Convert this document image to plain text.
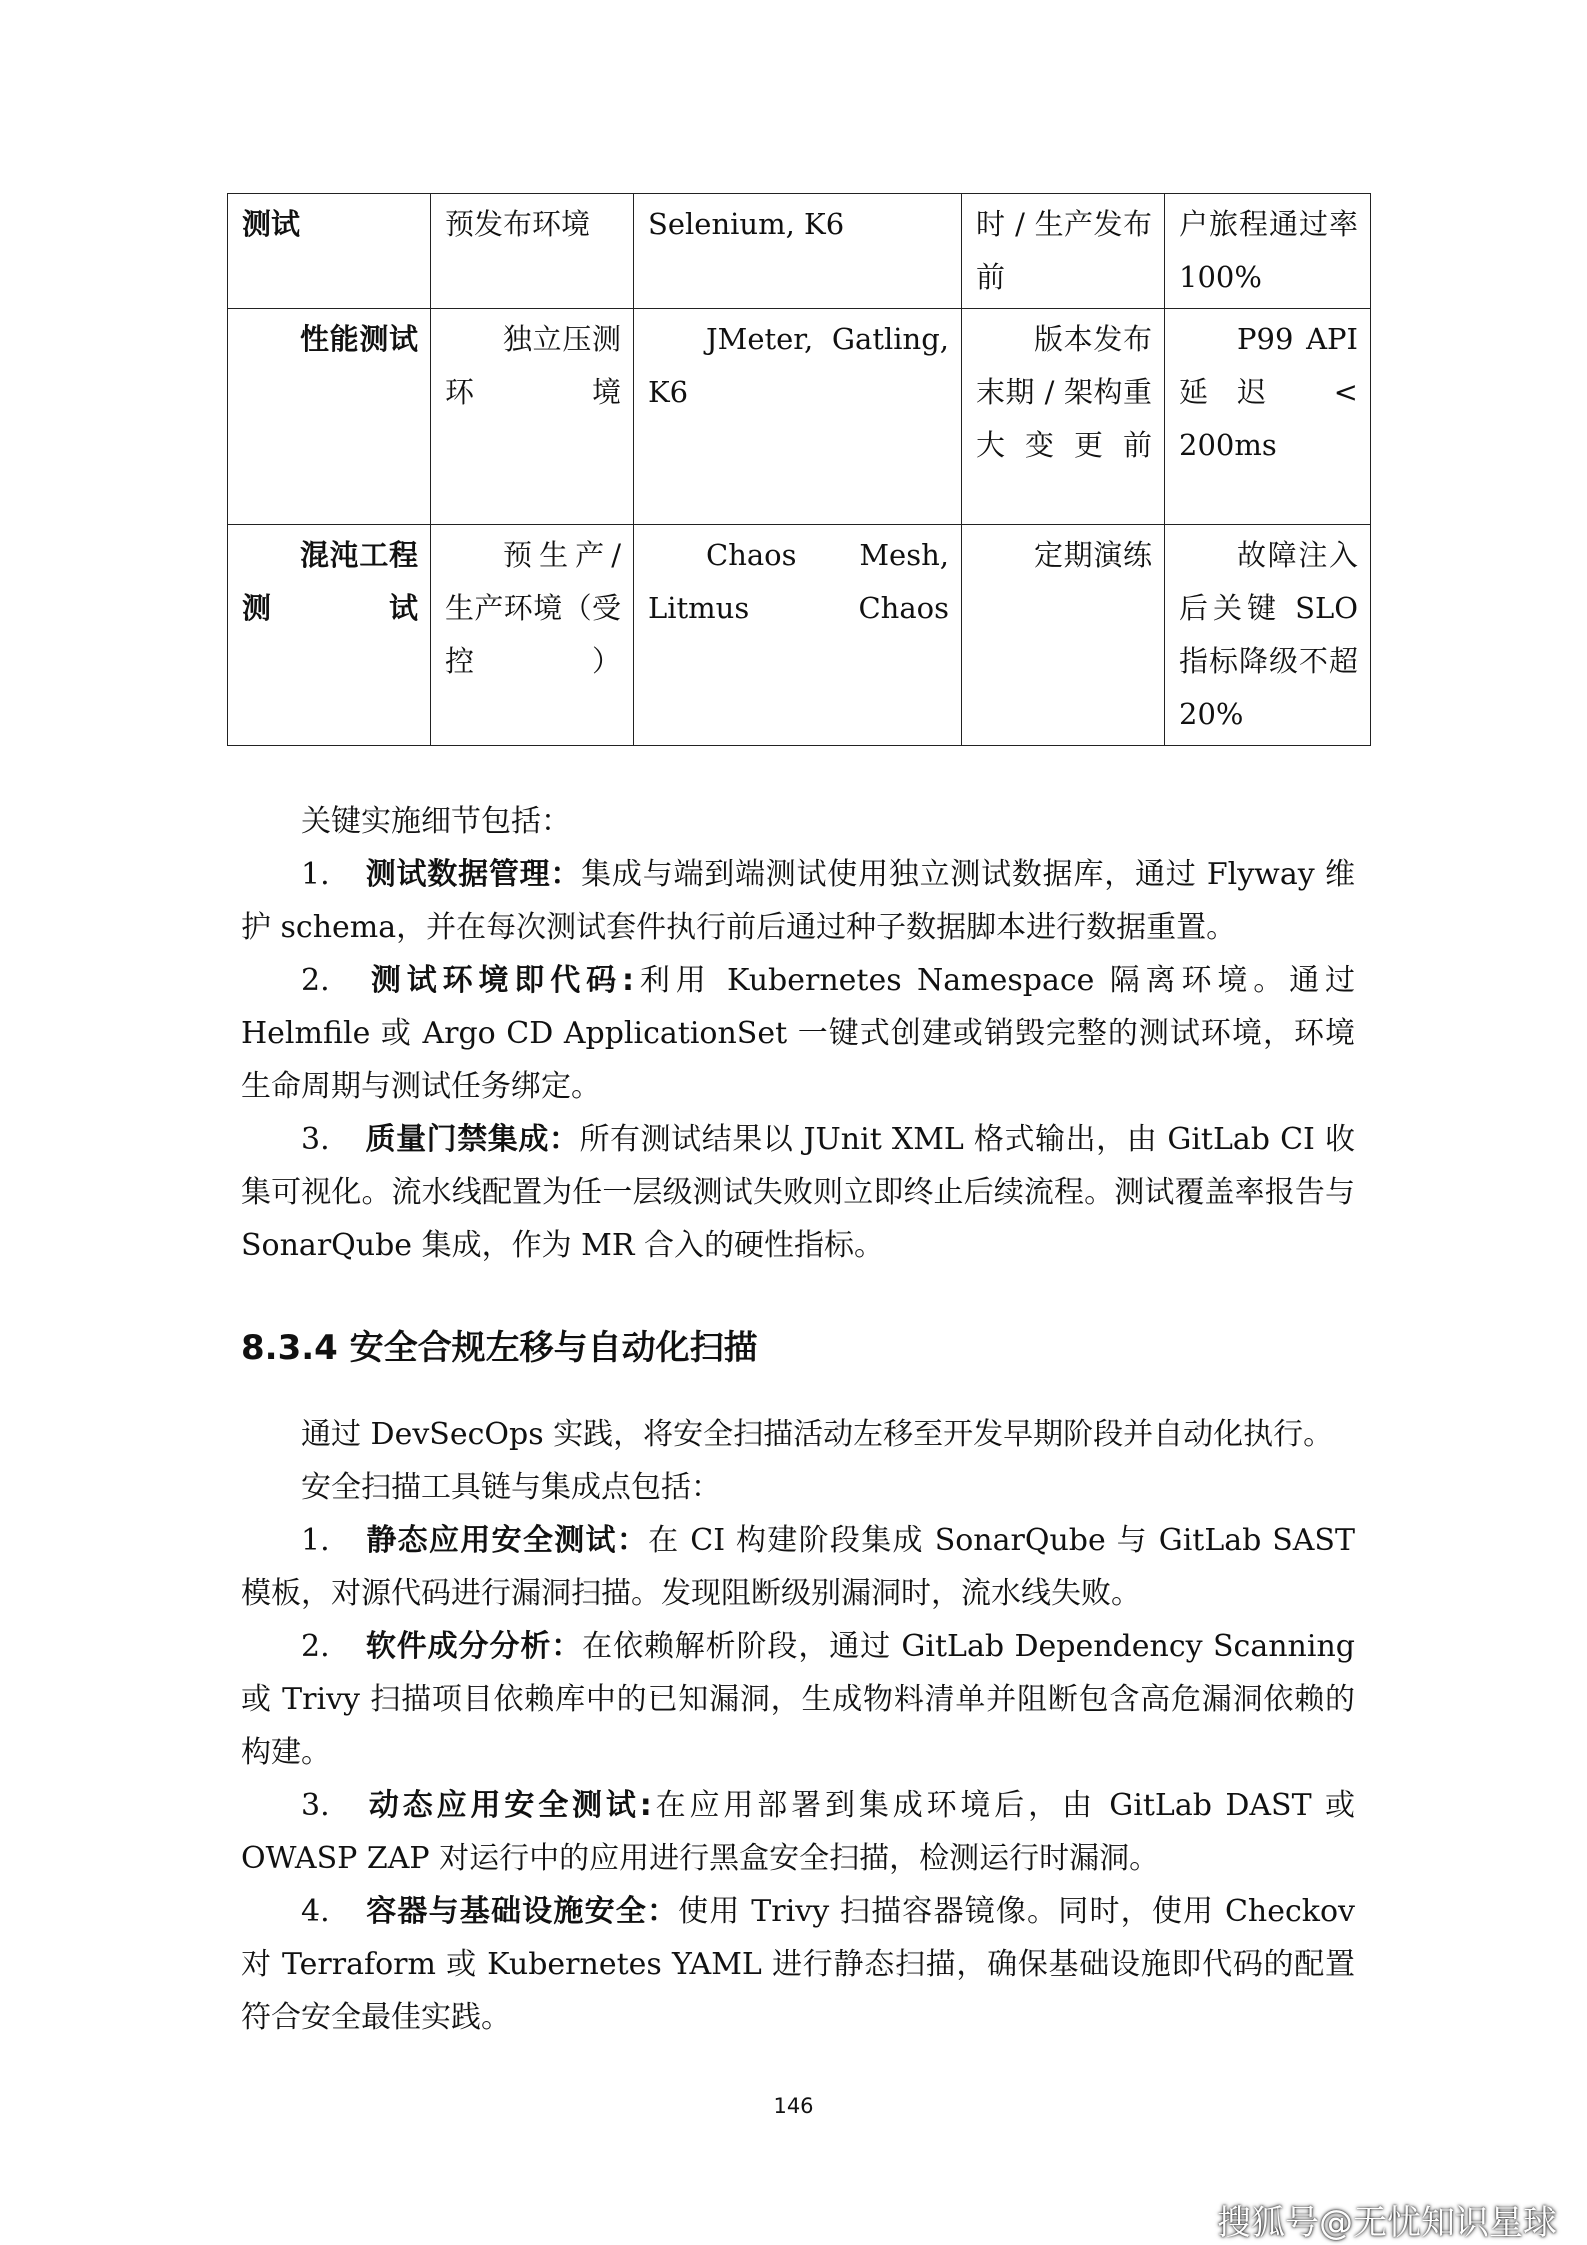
测试	预发布环境	Selenium, K6	时 / 生产发布前	户旅程通过率 100%
性能测试	独立压测环境	JMeter, Gatling, K6	版本发布末期 / 架构重大变更前	P99 API 延迟 < 200ms
混沌工程测试	预生产/生产环境（受控）	Chaos Mesh, Litmus Chaos	定期演练	故障注入后关键 SLO 指标降级不超 20%

关键实施细节包括：

1. 测试数据管理：集成与端到端测试使用独立测试数据库，通过 Flyway 维护 schema，并在每次测试套件执行前后通过种子数据脚本进行数据重置。

2. 测试环境即代码:利用 Kubernetes Namespace 隔离环境。通过 Helmfile 或 Argo CD ApplicationSet 一键式创建或销毁完整的测试环境，环境生命周期与测试任务绑定。

3. 质量门禁集成：所有测试结果以 JUnit XML 格式输出，由 GitLab CI 收集可视化。流水线配置为任一层级测试失败则立即终止后续流程。测试覆盖率报告与 SonarQube 集成，作为 MR 合入的硬性指标。

8.3.4 安全合规左移与自动化扫描

通过 DevSecOps 实践，将安全扫描活动左移至开发早期阶段并自动化执行。

安全扫描工具链与集成点包括：

1. 静态应用安全测试：在 CI 构建阶段集成 SonarQube 与 GitLab SAST 模板，对源代码进行漏洞扫描。发现阻断级别漏洞时，流水线失败。

2. 软件成分分析：在依赖解析阶段，通过 GitLab Dependency Scanning 或 Trivy 扫描项目依赖库中的已知漏洞，生成物料清单并阻断包含高危漏洞依赖的构建。

3. 动态应用安全测试:在应用部署到集成环境后，由 GitLab DAST 或 OWASP ZAP 对运行中的应用进行黑盒安全扫描，检测运行时漏洞。

4. 容器与基础设施安全：使用 Trivy 扫描容器镜像。同时，使用 Checkov 对 Terraform 或 Kubernetes YAML 进行静态扫描，确保基础设施即代码的配置符合安全最佳实践。

146
搜狐号@无忧知识星球
